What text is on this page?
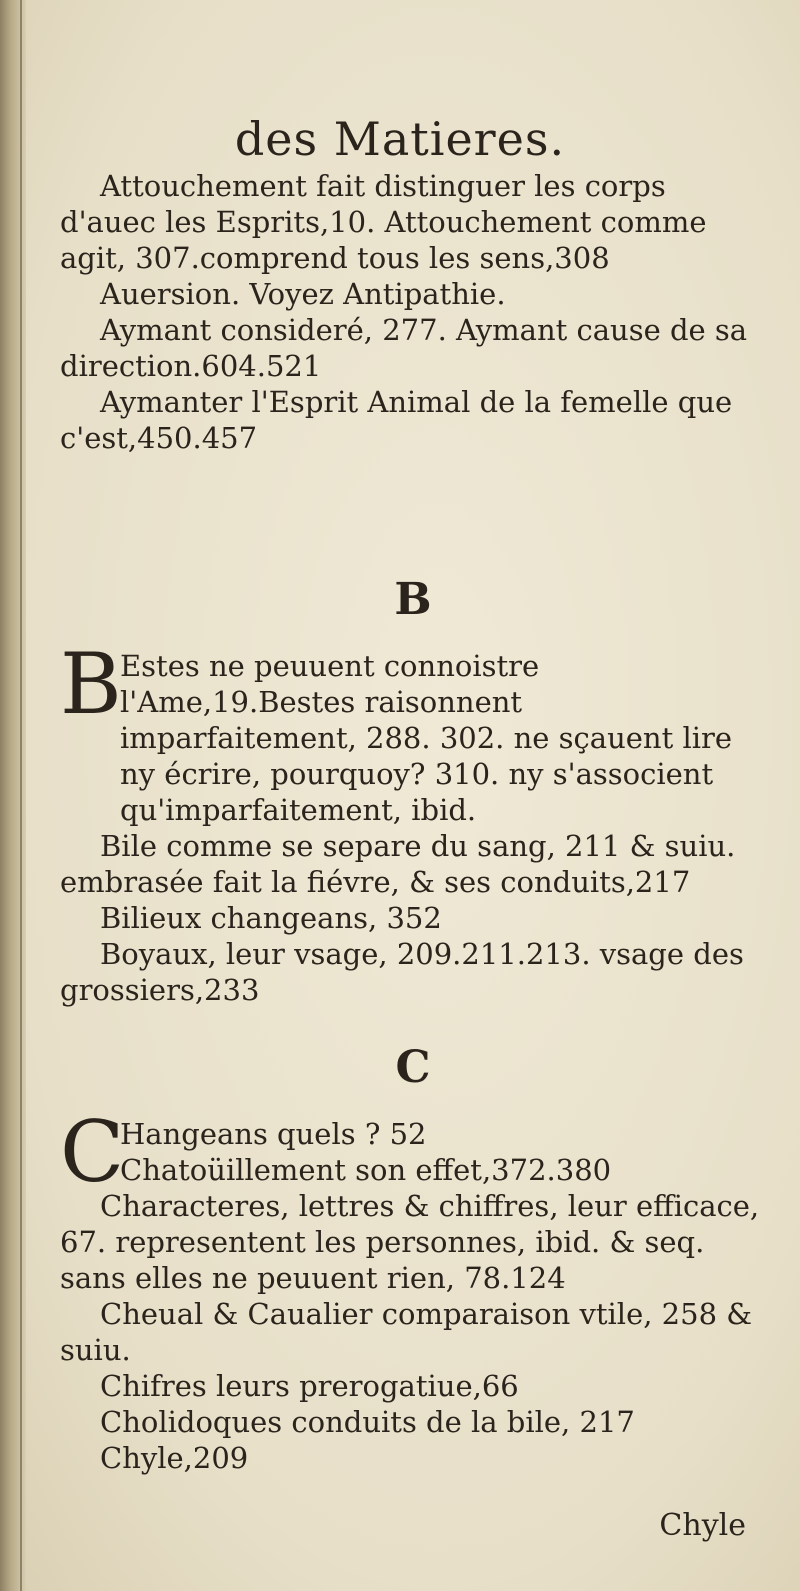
des Matieres.

Attouchement fait distinguer les corps d'auec les Esprits,10. Attouchement comme agit, 307.comprend tous les sens,308

Auersion. Voyez Antipathie.

Aymant consideré, 277. Aymant cause de sa direction.604.521

Aymanter l'Esprit Animal de la femelle que c'est,450.457

B
B
Estes ne peuuent connoistre l'Ame,19.Bestes raisonnent imparfaitement, 288. 302. ne sçauent lire ny écrire, pourquoy? 310. ny s'associent qu'imparfaitement, ibid.

Bile comme se separe du sang, 211 & suiu. embrasée fait la fiévre, & ses conduits,217

Bilieux changeans, 352

Boyaux, leur vsage, 209.211.213. vsage des grossiers,233

C
C
Hangeans quels ? 52
Chatoüillement son effet,372.380

Characteres, lettres & chiffres, leur efficace, 67. representent les personnes, ibid. & seq. sans elles ne peuuent rien, 78.124

Cheual & Caualier comparaison vtile, 258 & suiu.

Chifres leurs prerogatiue,66

Cholidoques conduits de la bile, 217

Chyle,209

Chyle
